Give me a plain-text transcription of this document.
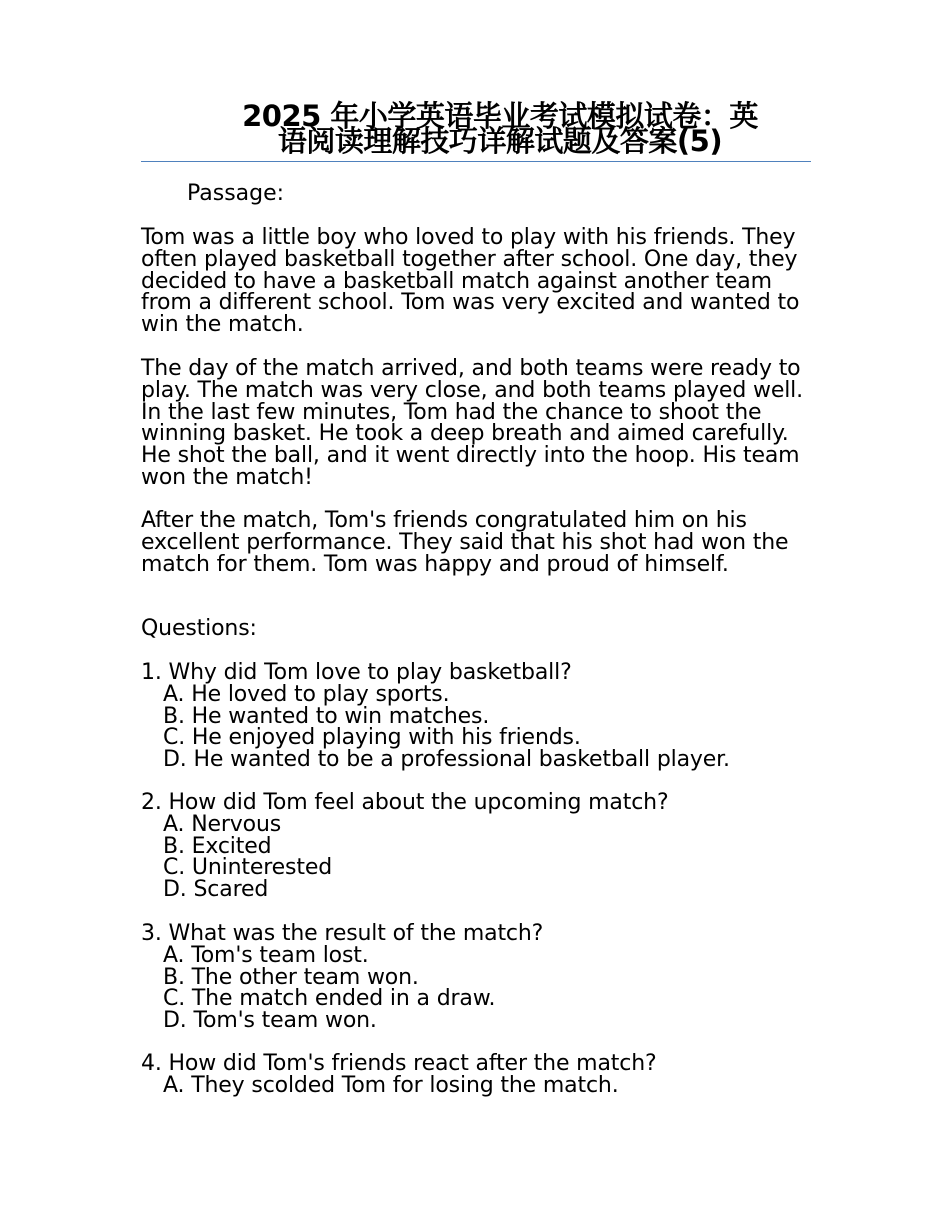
2025 年小学英语毕业考试模拟试卷：英
语阅读理解技巧详解试题及答案(5)
Passage:

Tom was a little boy who loved to play with his friends. They often played basketball together after school. One day, they decided to have a basketball match against another team from a different school. Tom was very excited and wanted to win the match.

The day of the match arrived, and both teams were ready to play. The match was very close, and both teams played well. In the last few minutes, Tom had the chance to shoot the winning basket. He took a deep breath and aimed carefully. He shot the ball, and it went directly into the hoop. His team won the match!

After the match, Tom's friends congratulated him on his excellent performance. They said that his shot had won the match for them. Tom was happy and proud of himself.

Questions:
1. Why did Tom love to play basketball?
A. He loved to play sports.
B. He wanted to win matches.
C. He enjoyed playing with his friends.
D. He wanted to be a professional basketball player.
2. How did Tom feel about the upcoming match?
A. Nervous
B. Excited
C. Uninterested
D. Scared
3. What was the result of the match?
A. Tom's team lost.
B. The other team won.
C. The match ended in a draw.
D. Tom's team won.
4. How did Tom's friends react after the match?
A. They scolded Tom for losing the match.
